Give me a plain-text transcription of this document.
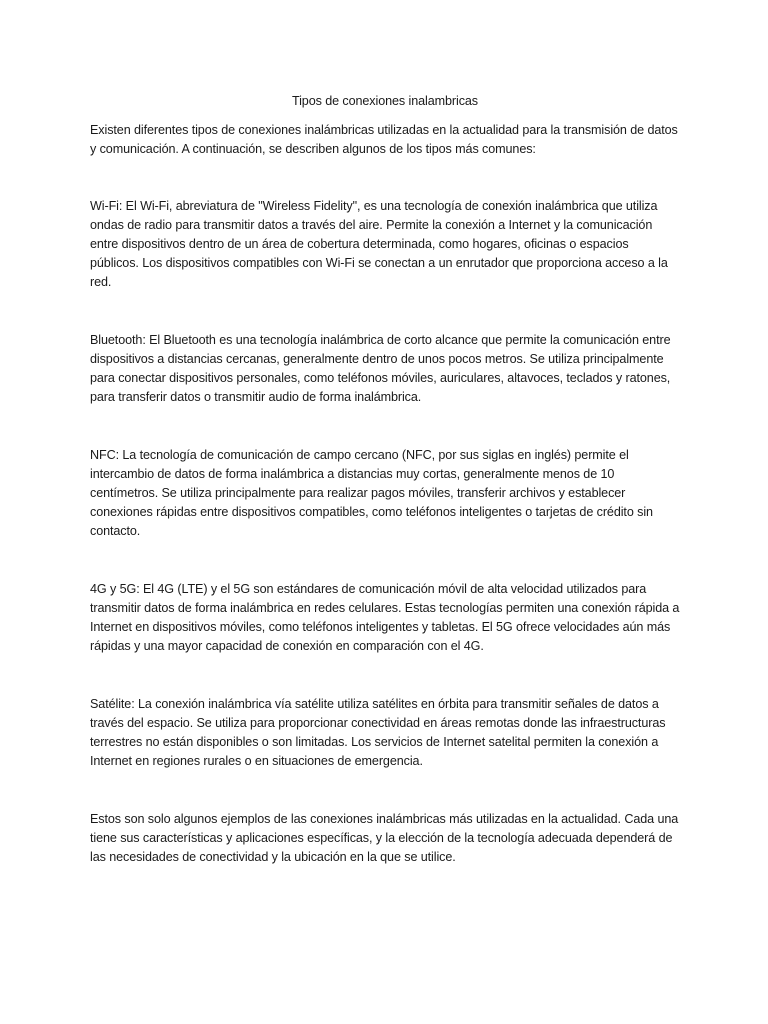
Tipos de conexiones inalambricas

Existen diferentes tipos de conexiones inalámbricas utilizadas en la actualidad para la transmisión de datos y comunicación. A continuación, se describen algunos de los tipos más comunes:

Wi-Fi: El Wi-Fi, abreviatura de "Wireless Fidelity", es una tecnología de conexión inalámbrica que utiliza ondas de radio para transmitir datos a través del aire. Permite la conexión a Internet y la comunicación entre dispositivos dentro de un área de cobertura determinada, como hogares, oficinas o espacios públicos. Los dispositivos compatibles con Wi-Fi se conectan a un enrutador que proporciona acceso a la red.

Bluetooth: El Bluetooth es una tecnología inalámbrica de corto alcance que permite la comunicación entre dispositivos a distancias cercanas, generalmente dentro de unos pocos metros. Se utiliza principalmente para conectar dispositivos personales, como teléfonos móviles, auriculares, altavoces, teclados y ratones, para transferir datos o transmitir audio de forma inalámbrica.

NFC: La tecnología de comunicación de campo cercano (NFC, por sus siglas en inglés) permite el intercambio de datos de forma inalámbrica a distancias muy cortas, generalmente menos de 10 centímetros. Se utiliza principalmente para realizar pagos móviles, transferir archivos y establecer conexiones rápidas entre dispositivos compatibles, como teléfonos inteligentes o tarjetas de crédito sin contacto.

4G y 5G: El 4G (LTE) y el 5G son estándares de comunicación móvil de alta velocidad utilizados para transmitir datos de forma inalámbrica en redes celulares. Estas tecnologías permiten una conexión rápida a Internet en dispositivos móviles, como teléfonos inteligentes y tabletas. El 5G ofrece velocidades aún más rápidas y una mayor capacidad de conexión en comparación con el 4G.

Satélite: La conexión inalámbrica vía satélite utiliza satélites en órbita para transmitir señales de datos a través del espacio. Se utiliza para proporcionar conectividad en áreas remotas donde las infraestructuras terrestres no están disponibles o son limitadas. Los servicios de Internet satelital permiten la conexión a Internet en regiones rurales o en situaciones de emergencia.

Estos son solo algunos ejemplos de las conexiones inalámbricas más utilizadas en la actualidad. Cada una tiene sus características y aplicaciones específicas, y la elección de la tecnología adecuada dependerá de las necesidades de conectividad y la ubicación en la que se utilice.
